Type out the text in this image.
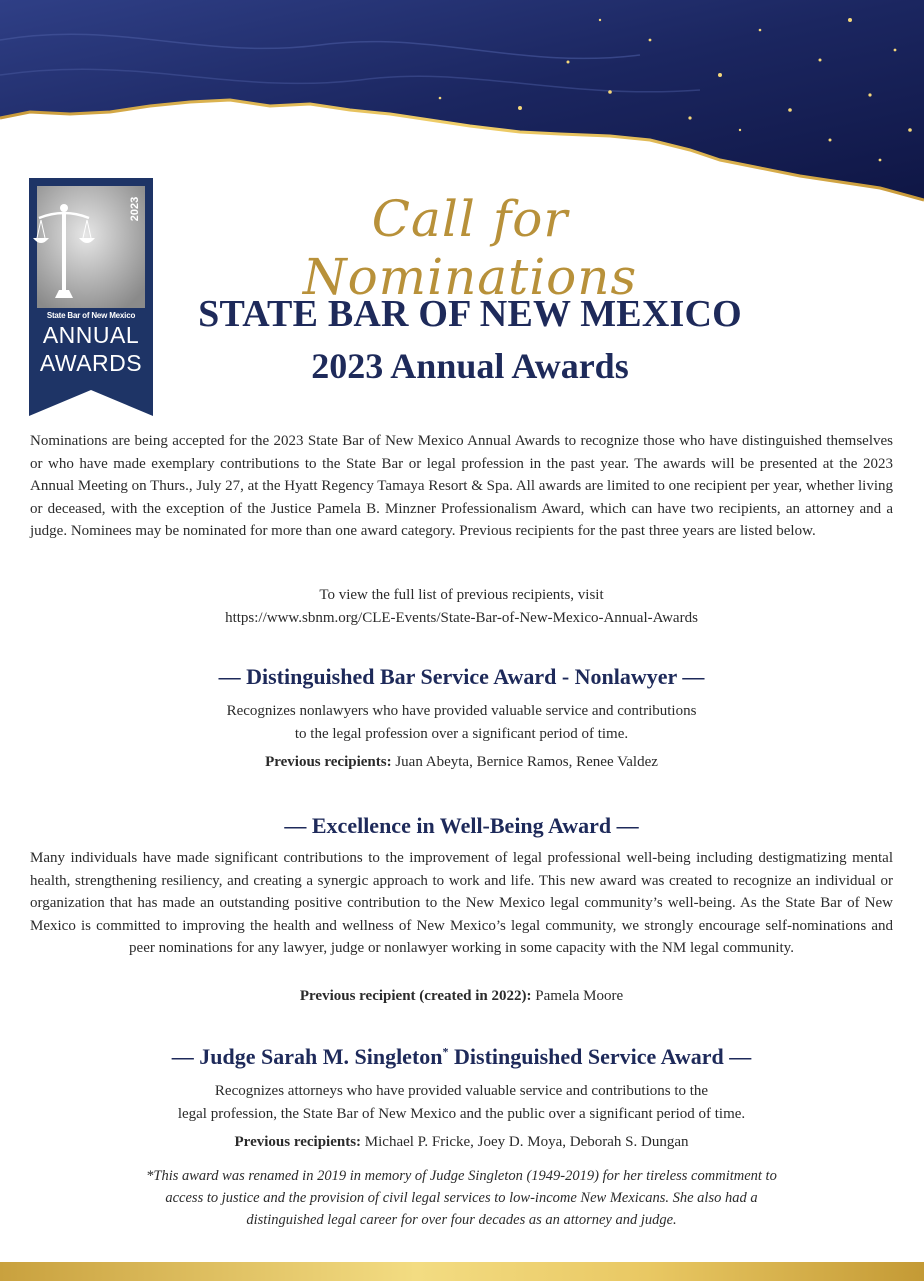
2023
State Bar of New Mexico
ANNUAL
AWARDS
Call for Nominations
STATE BAR OF NEW MEXICO
2023 Annual Awards

Nominations are being accepted for the 2023 State Bar of New Mexico Annual Awards to recognize those who have distinguished themselves or who have made exemplary contributions to the State Bar or legal profession in the past year. The awards will be presented at the 2023 Annual Meeting on Thurs., July 27, at the Hyatt Regency Tamaya Resort & Spa. All awards are limited to one recipient per year, whether living or deceased, with the exception of the Justice Pamela B. Minzner Professionalism Award, which can have two recipients, an attorney and a judge. Nominees may be nominated for more than one award category. Previous recipients for the past three years are listed below.

To view the full list of previous recipients, visit
https://www.sbnm.org/CLE-Events/State-Bar-of-New-Mexico-Annual-Awards
— Distinguished Bar Service Award - Nonlawyer —
Recognizes nonlawyers who have provided valuable service and contributions
to the legal profession over a significant period of time.
Previous recipients: Juan Abeyta, Bernice Ramos, Renee Valdez
— Excellence in Well-Being Award —

Many individuals have made significant contributions to the improvement of legal professional well-being including destigmatizing mental health, strengthening resiliency, and creating a synergic approach to work and life. This new award was created to recognize an individual or organization that has made an outstanding positive contribution to the New Mexico legal community’s well-being. As the State Bar of New Mexico is committed to improving the health and wellness of New Mexico’s legal community, we strongly encourage self-nominations and peer nominations for any lawyer, judge or nonlawyer working in some capacity with the NM legal community.

Previous recipient (created in 2022): Pamela Moore
— Judge Sarah M. Singleton* Distinguished Service Award —
Recognizes attorneys who have provided valuable service and contributions to the
legal profession, the State Bar of New Mexico and the public over a significant period of time.
Previous recipients: Michael P. Fricke, Joey D. Moya, Deborah S. Dungan
*This award was renamed in 2019 in memory of Judge Singleton (1949-2019) for her tireless commitment to
access to justice and the provision of civil legal services to low-income New Mexicans. She also had a
distinguished legal career for over four decades as an attorney and judge.
